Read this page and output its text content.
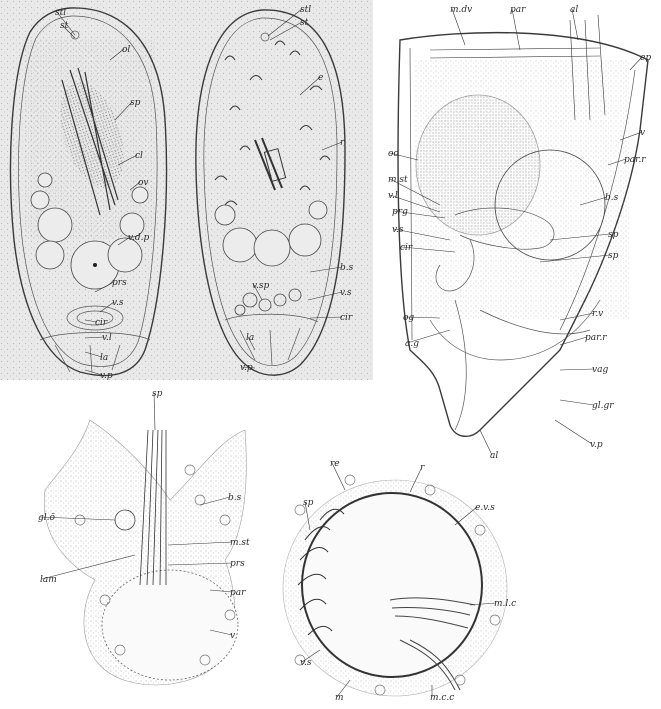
stl
st
ol
sp
cl
ov
v.d.p
prs
v.s
cir
v.l
la
v.p
stl
st
e
r
b.s
v.s
cir
la
v.p
v.sp
m.dv	par	al
ep
v
par.r
oo
m.st
v.l
prg
v.s
cir
b.s
sp
sp
r.v
og
a.g
par.r
vag
gl.gr
al
v.p
sp
gl.ö
b.s
m.st
lam
prs
par
v
re	r
sp	e.v.s
m.l.c
v.s
m	m.c.c
